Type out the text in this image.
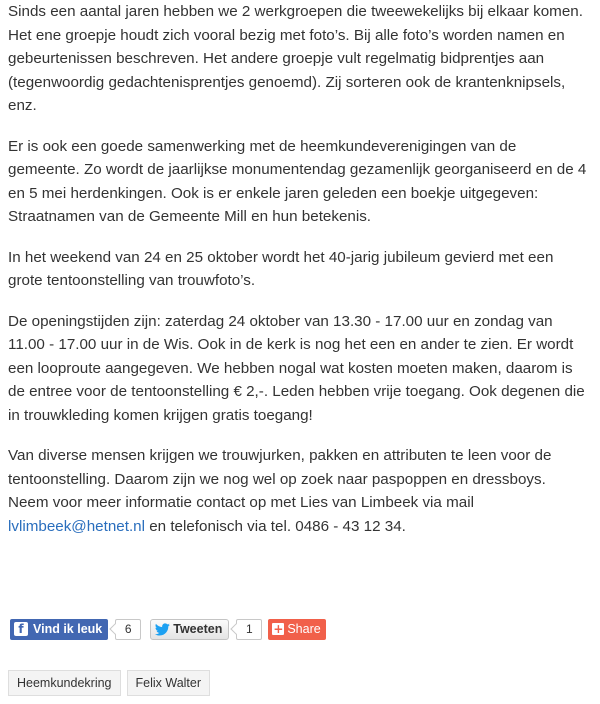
Sinds een aantal jaren hebben we 2 werkgroepen die tweewekelijks bij elkaar komen. Het ene groepje houdt zich vooral bezig met foto’s. Bij alle foto’s worden namen en gebeurtenissen beschreven. Het andere groepje vult regelmatig bidprentjes aan (tegenwoordig gedachtenisprentjes genoemd). Zij sorteren ook de krantenknipsels, enz.

Er is ook een goede samenwerking met de heemkundeverenigingen van de gemeente. Zo wordt de jaarlijkse monumentendag gezamenlijk georganiseerd en de 4 en 5 mei herdenkingen. Ook is er enkele jaren geleden een boekje uitgegeven: Straatnamen van de Gemeente Mill en hun betekenis.

In het weekend van 24 en 25 oktober wordt het 40-jarig jubileum gevierd met een grote tentoonstelling van trouwfoto’s.

De openingstijden zijn: zaterdag 24 oktober van 13.30 - 17.00 uur en zondag van 11.00 - 17.00 uur in de Wis. Ook in de kerk is nog het een en ander te zien. Er wordt een looproute aangegeven. We hebben nogal wat kosten moeten maken, daarom is de entree voor de tentoonstelling € 2,-. Leden hebben vrije toegang. Ook degenen die in trouwkleding komen krijgen gratis toegang!

Van diverse mensen krijgen we trouwjurken, pakken en attributen te leen voor de tentoonstelling. Daarom zijn we nog wel op zoek naar paspoppen en dressboys.

Neem voor meer informatie contact op met Lies van Limbeek via mail
lvlimbeek@hetnet.nl en telefonisch via tel. 0486 - 43 12 34.

f Vind ik leuk	6	Tweeten	1	+ Share
Heemkundekring	Felix Walter
